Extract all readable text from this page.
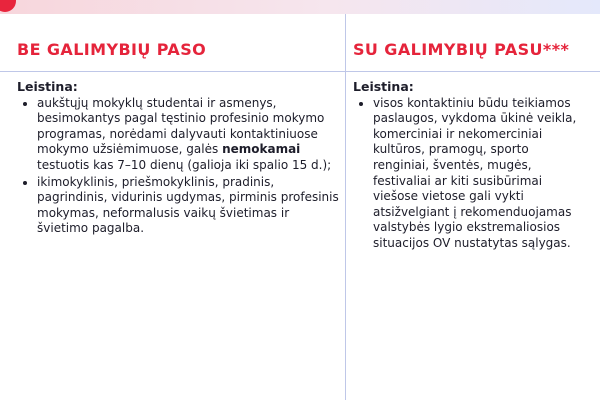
BE GALIMYBIŲ PASO	SU GALIMYBIŲ PASU***
Leistina:
• aukštųjų mokyklų studentai ir asmenys, besimokantys pagal tęstinio profesinio mokymo programas, norėdami dalyvauti kontaktiniuose mokymo užsiėmimuose, galės nemokamai testuotis kas 7–10 dienų (galioja iki spalio 15 d.);
• ikimokyklinis, priešmokyklinis, pradinis, pagrindinis, vidurinis ugdymas, pirminis profesinis mokymas, neformalusis vaikų švietimas ir švietimo pagalba.
Leistina:
• visos kontaktiniu būdu teikiamos paslaugos, vykdoma ūkinė veikla, komerciniai ir nekomerciniai kultūros, pramogų, sporto renginiai, šventės, mugės, festivaliai ar kiti susibūrimai viešose vietose gali vykti atsižvelgiant į rekomenduojamas valstybės lygio ekstremaliosios situacijos OV nustatytas sąlygas.
